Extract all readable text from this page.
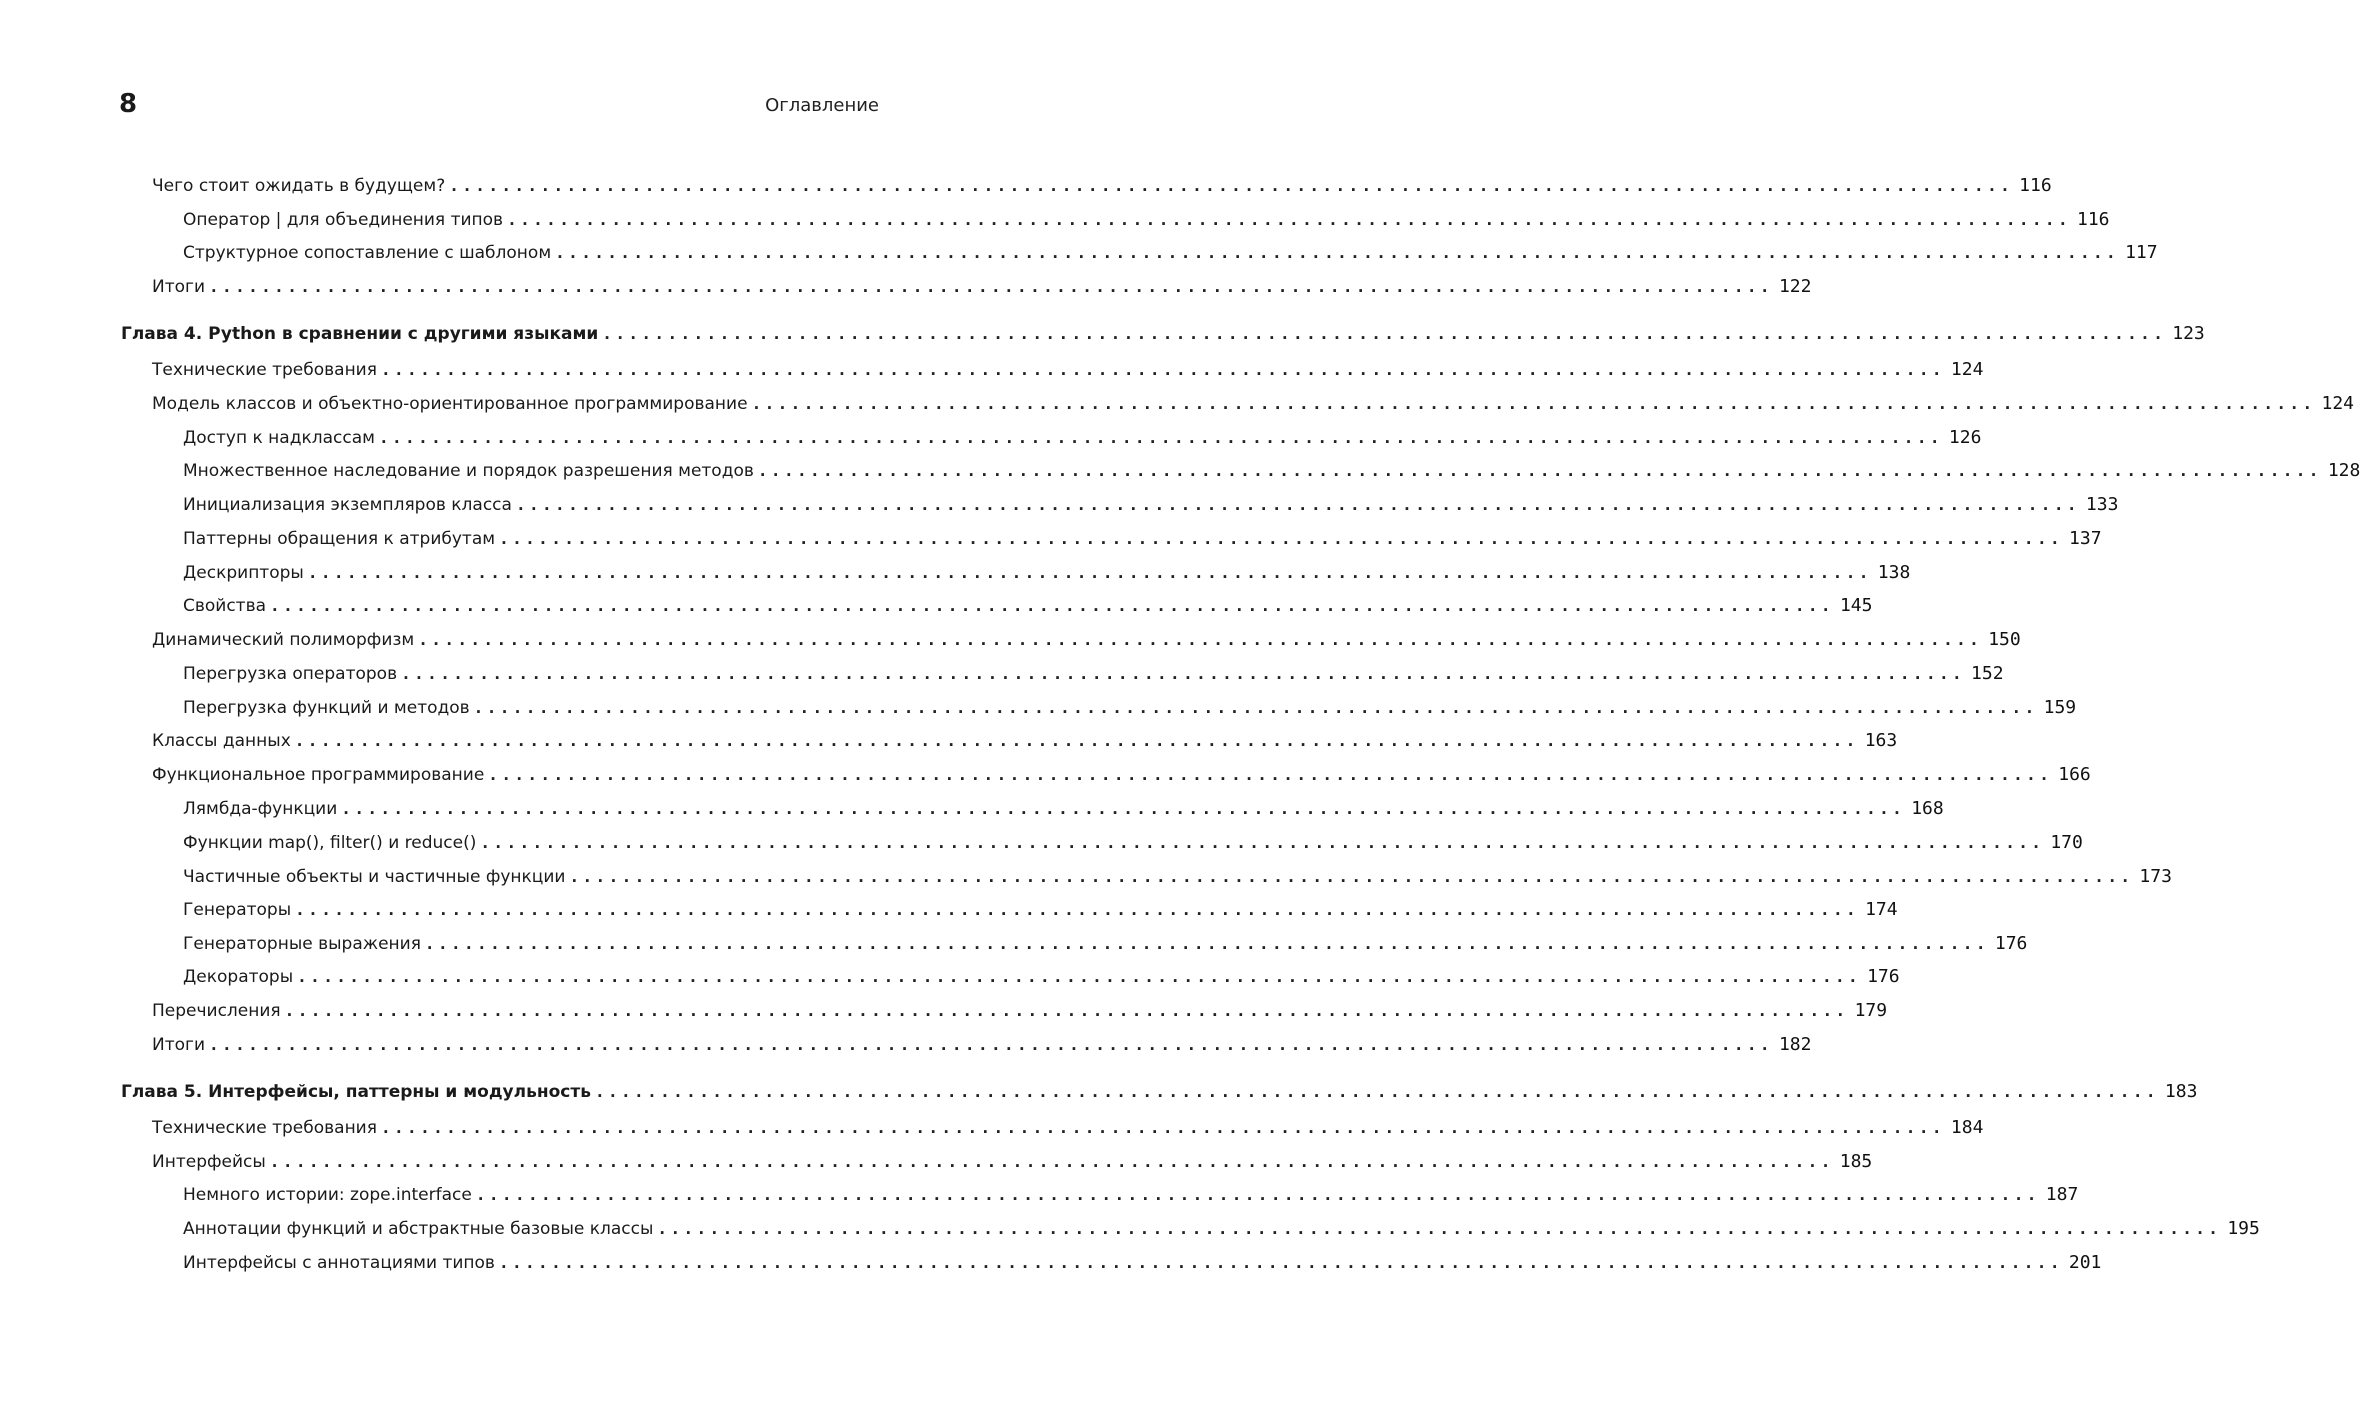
8	Оглавление
Чего стоит ожидать в будущем? ........................................................................................................................ 116
Оператор | для объединения типов ........................................................................................................................ 116
Структурное сопоставление с шаблоном ........................................................................................................................ 117
Итоги ........................................................................................................................ 122
Глава 4. Python в сравнении с другими языками ........................................................................................................................ 123
Технические требования ........................................................................................................................ 124
Модель классов и объектно-ориентированное программирование ........................................................................................................................ 124
Доступ к надклассам ........................................................................................................................ 126
Множественное наследование и порядок разрешения методов ........................................................................................................................ 128
Инициализация экземпляров класса ........................................................................................................................ 133
Паттерны обращения к атрибутам ........................................................................................................................ 137
Дескрипторы ........................................................................................................................ 138
Свойства ........................................................................................................................ 145
Динамический полиморфизм ........................................................................................................................ 150
Перегрузка операторов ........................................................................................................................ 152
Перегрузка функций и методов ........................................................................................................................ 159
Классы данных ........................................................................................................................ 163
Функциональное программирование ........................................................................................................................ 166
Лямбда-функции ........................................................................................................................ 168
Функции map(), filter() и reduce() ........................................................................................................................ 170
Частичные объекты и частичные функции ........................................................................................................................ 173
Генераторы ........................................................................................................................ 174
Генераторные выражения ........................................................................................................................ 176
Декораторы ........................................................................................................................ 176
Перечисления ........................................................................................................................ 179
Итоги ........................................................................................................................ 182
Глава 5. Интерфейсы, паттерны и модульность ........................................................................................................................ 183
Технические требования ........................................................................................................................ 184
Интерфейсы ........................................................................................................................ 185
Немного истории: zope.interface ........................................................................................................................ 187
Аннотации функций и абстрактные базовые классы ........................................................................................................................ 195
Интерфейсы с аннотациями типов ........................................................................................................................ 201
